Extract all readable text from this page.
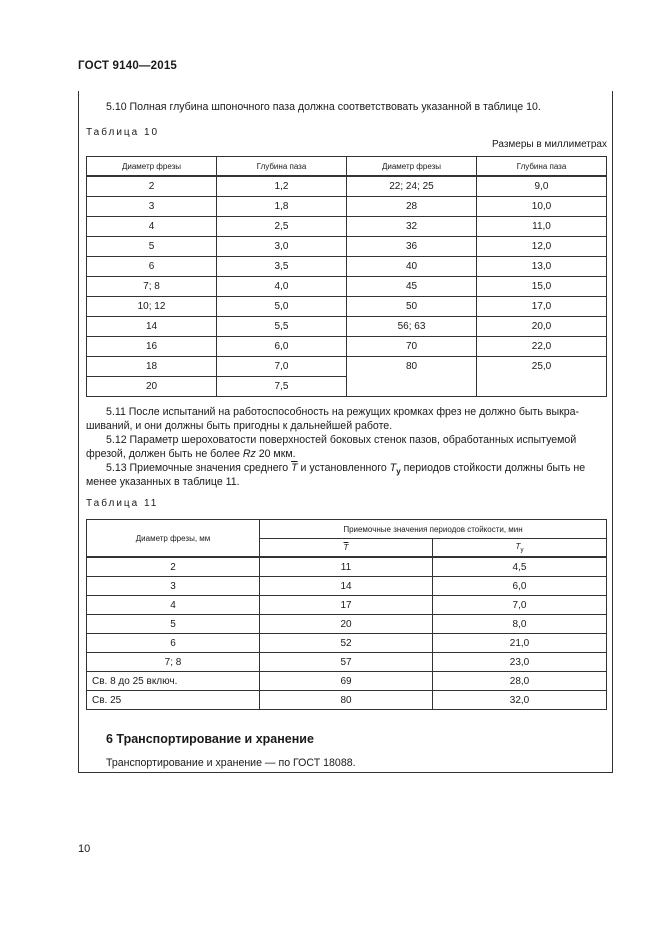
ГОСТ 9140—2015
5.10 Полная глубина шпоночного паза должна соответствовать указанной в таблице 10.
Таблица 10
Размеры в миллиметрах
Диаметр фрезы	Глубина паза	Диаметр фрезы	Глубина паза
2	1,2	22; 24; 25	9,0
3	1,8	28	10,0
4	2,5	32	11,0
5	3,0	36	12,0
6	3,5	40	13,0
7; 8	4,0	45	15,0
10; 12	5,0	50	17,0
14	5,5	56; 63	20,0
16	6,0	70	22,0
18	7,0	80	25,0
20	7,5		
5.11 После испытаний на работоспособность на режущих кромках фрез не должно быть выкра-
шиваний, и они должны быть пригодны к дальнейшей работе.
5.12 Параметр шероховатости поверхностей боковых стенок пазов, обработанных испытуемой
фрезой, должен быть не более Rz 20 мкм.
5.13 Приемочные значения среднего $\overline{T}$ и установленного $T_у$ периодов стойкости должны быть не
менее указанных в таблице 11.
Таблица 11
Диаметр фрезы, мм	Приемочные значения периодов стойкости, мин	
	$\overline{T}$	$T_у$
2	11	4,5
3	14	6,0
4	17	7,0
5	20	8,0
6	52	21,0
7; 8	57	23,0
Св. 8 до 25 включ.	69	28,0
Св. 25	80	32,0
6 Транспортирование и хранение
Транспортирование и хранение — по ГОСТ 18088.
10
